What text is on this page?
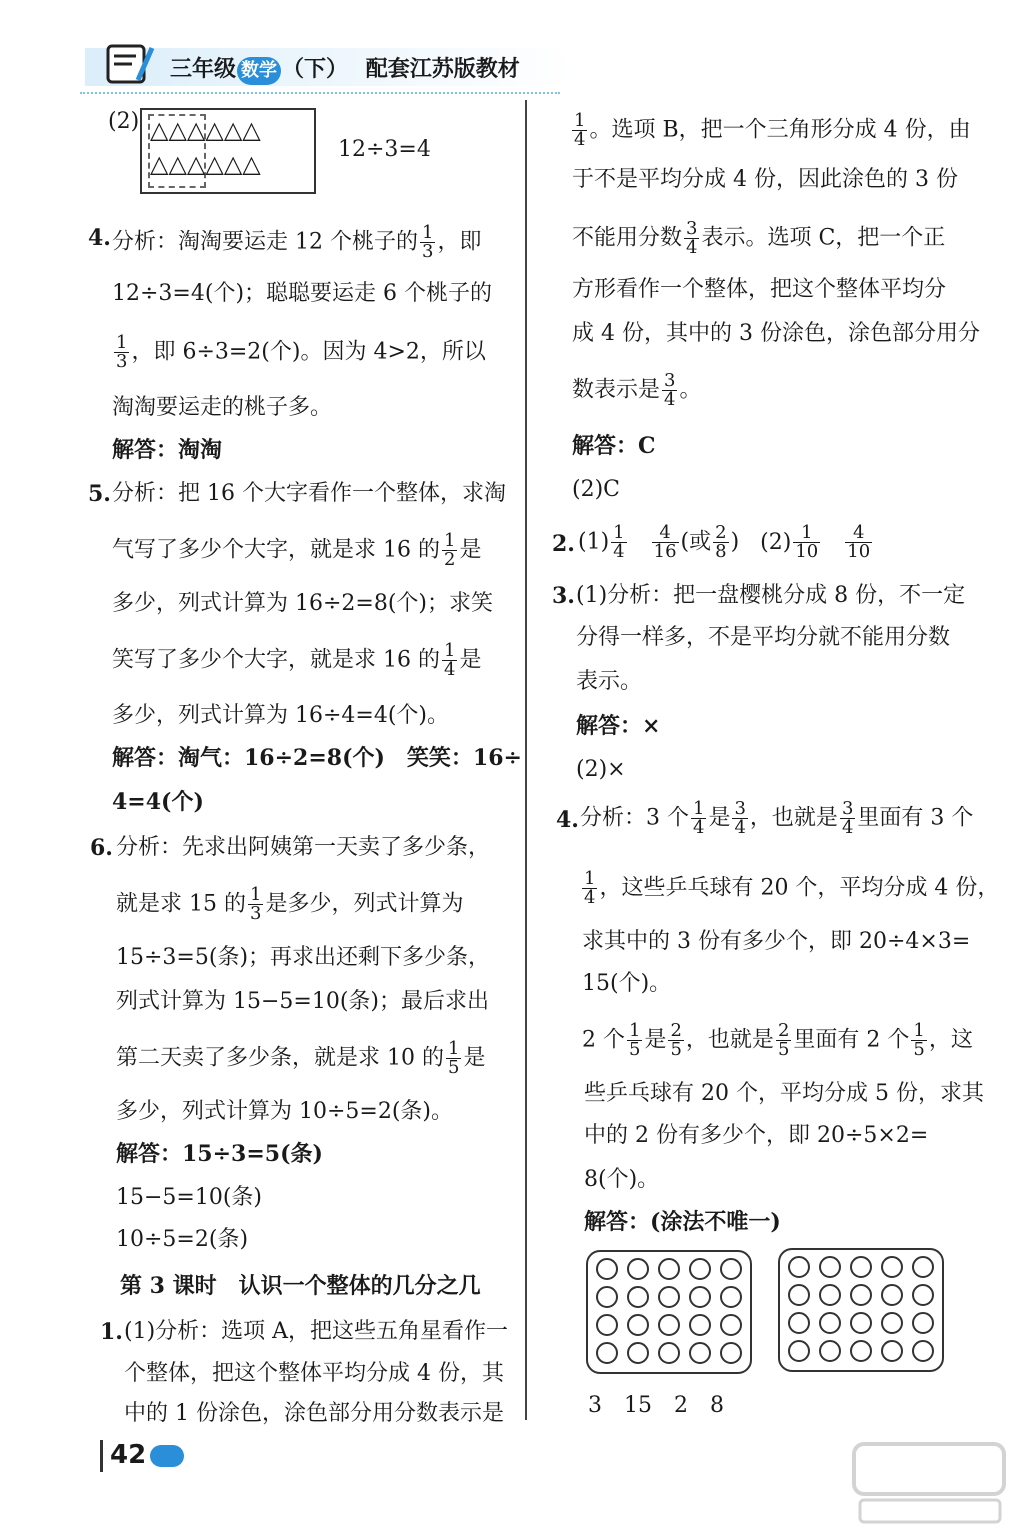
三年级 数学 （下） 配套江苏版教材
(2) △△△△△△
△△△△△△
12÷3=4
4. 分析：淘淘要运走 12 个桃子的 $\frac{1}{3}$ ，即
12÷3=4(个)；聪聪要运走 6 个桃子的
$\frac{1}{3}$ ，即 6÷3=2(个)。因为 4>2，所以
淘淘要运走的桃子多。
解答：淘淘
5. 分析：把 16 个大字看作一个整体，求淘
气写了多少个大字，就是求 16 的 $\frac{1}{2}$ 是
多少，列式计算为 16÷2=8(个)；求笑
笑写了多少个大字，就是求 16 的 $\frac{1}{4}$ 是
多少，列式计算为 16÷4=4(个)。
解答：淘气：16÷2=8(个)　笑笑：16÷
4=4(个)
6. 分析：先求出阿姨第一天卖了多少条，
就是求 15 的 $\frac{1}{3}$ 是多少，列式计算为
15÷3=5(条)；再求出还剩下多少条，
列式计算为 15−5=10(条)；最后求出
第二天卖了多少条，就是求 10 的 $\frac{1}{5}$ 是
多少，列式计算为 10÷5=2(条)。
解答：15÷3=5(条)
15−5=10(条)
10÷5=2(条)
第 3 课时　认识一个整体的几分之几
1. (1)分析：选项 A，把这些五角星看作一
个整体，把这个整体平均分成 4 份，其
中的 1 份涂色，涂色部分用分数表示是
$\frac{1}{4}$ 。选项 B，把一个三角形分成 4 份，由
于不是平均分成 4 份，因此涂色的 3 份
不能用分数 $\frac{3}{4}$ 表示。选项 C，把一个正
方形看作一个整体，把这个整体平均分
成 4 份，其中的 3 份涂色，涂色部分用分
数表示是 $\frac{3}{4}$ 。
解答：C
(2)C
2. $(1) \frac{1}{4}$
$\frac{4}{16}$ (或 $\frac{2}{8}$ ) $(2) \frac{1}{10}$
$\frac{4}{10}$
3. (1)分析：把一盘樱桃分成 8 份，不一定
分得一样多，不是平均分就不能用分数
表示。
解答：×
(2)×
4. 分析：3 个 $\frac{1}{4}$ 是 $\frac{3}{4}$ ，也就是 $\frac{3}{4}$ 里面有 3 个
$\frac{1}{4}$ ，这些乒乓球有 20 个，平均分成 4 份，
求其中的 3 份有多少个，即 20÷4×3=
15(个)。
2 个 $\frac{1}{5}$ 是 $\frac{2}{5}$ ，也就是 $\frac{2}{5}$ 里面有 2 个 $\frac{1}{5}$ ，这
些乒乓球有 20 个，平均分成 5 份，求其
中的 2 份有多少个，即 20÷5×2=
8(个)。
解答：(涂法不唯一)
3　15　2　8
42
